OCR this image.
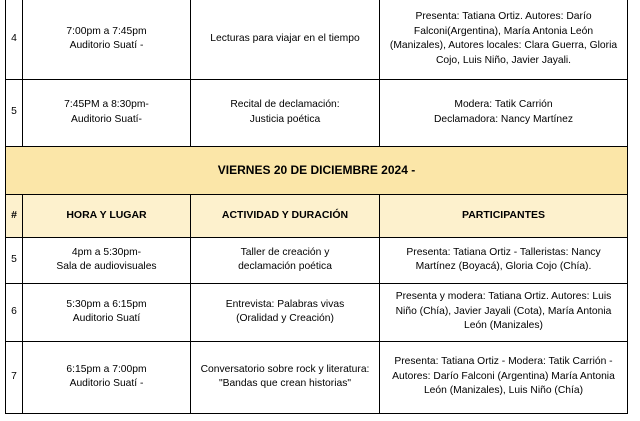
4	7:00pm a 7:45pm
Auditorio Suatí -	Lecturas para viajar en el tiempo	Presenta: Tatiana Ortiz. Autores: Darío
Falconi(Argentina), María Antonia León
(Manizales), Autores locales: Clara Guerra, Gloria
Cojo, Luis Niño, Javier Jayali.

5	7:45PM a 8:30pm-
Auditorio Suatí-	Recital de declamación:
Justicia poética	Modera: Tatik Carrión
Declamadora: Nancy Martínez

VIERNES 20 DE DICIEMBRE 2024 -			
#	HORA Y LUGAR	ACTIVIDAD Y DURACIÓN	PARTICIPANTES
5	4pm a 5:30pm-
Sala de audiovisuales	Taller de creación y
declamación poética	Presenta: Tatiana Ortiz - Talleristas: Nancy
Martínez (Boyacá), Gloria Cojo (Chía).

6	5:30pm a 6:15pm
Auditorio Suatí	Entrevista: Palabras vivas
(Oralidad y Creación)	Presenta y modera: Tatiana Ortiz. Autores: Luis
Niño (Chía), Javier Jayali (Cota), María Antonia
León (Manizales)

7	6:15pm a 7:00pm
Auditorio Suatí -	Conversatorio sobre rock y literatura:
"Bandas que crean historias"	Presenta: Tatiana Ortiz - Modera: Tatik Carrión -
Autores: Darío Falconi (Argentina) María Antonia
León (Manizales), Luis Niño (Chía)
